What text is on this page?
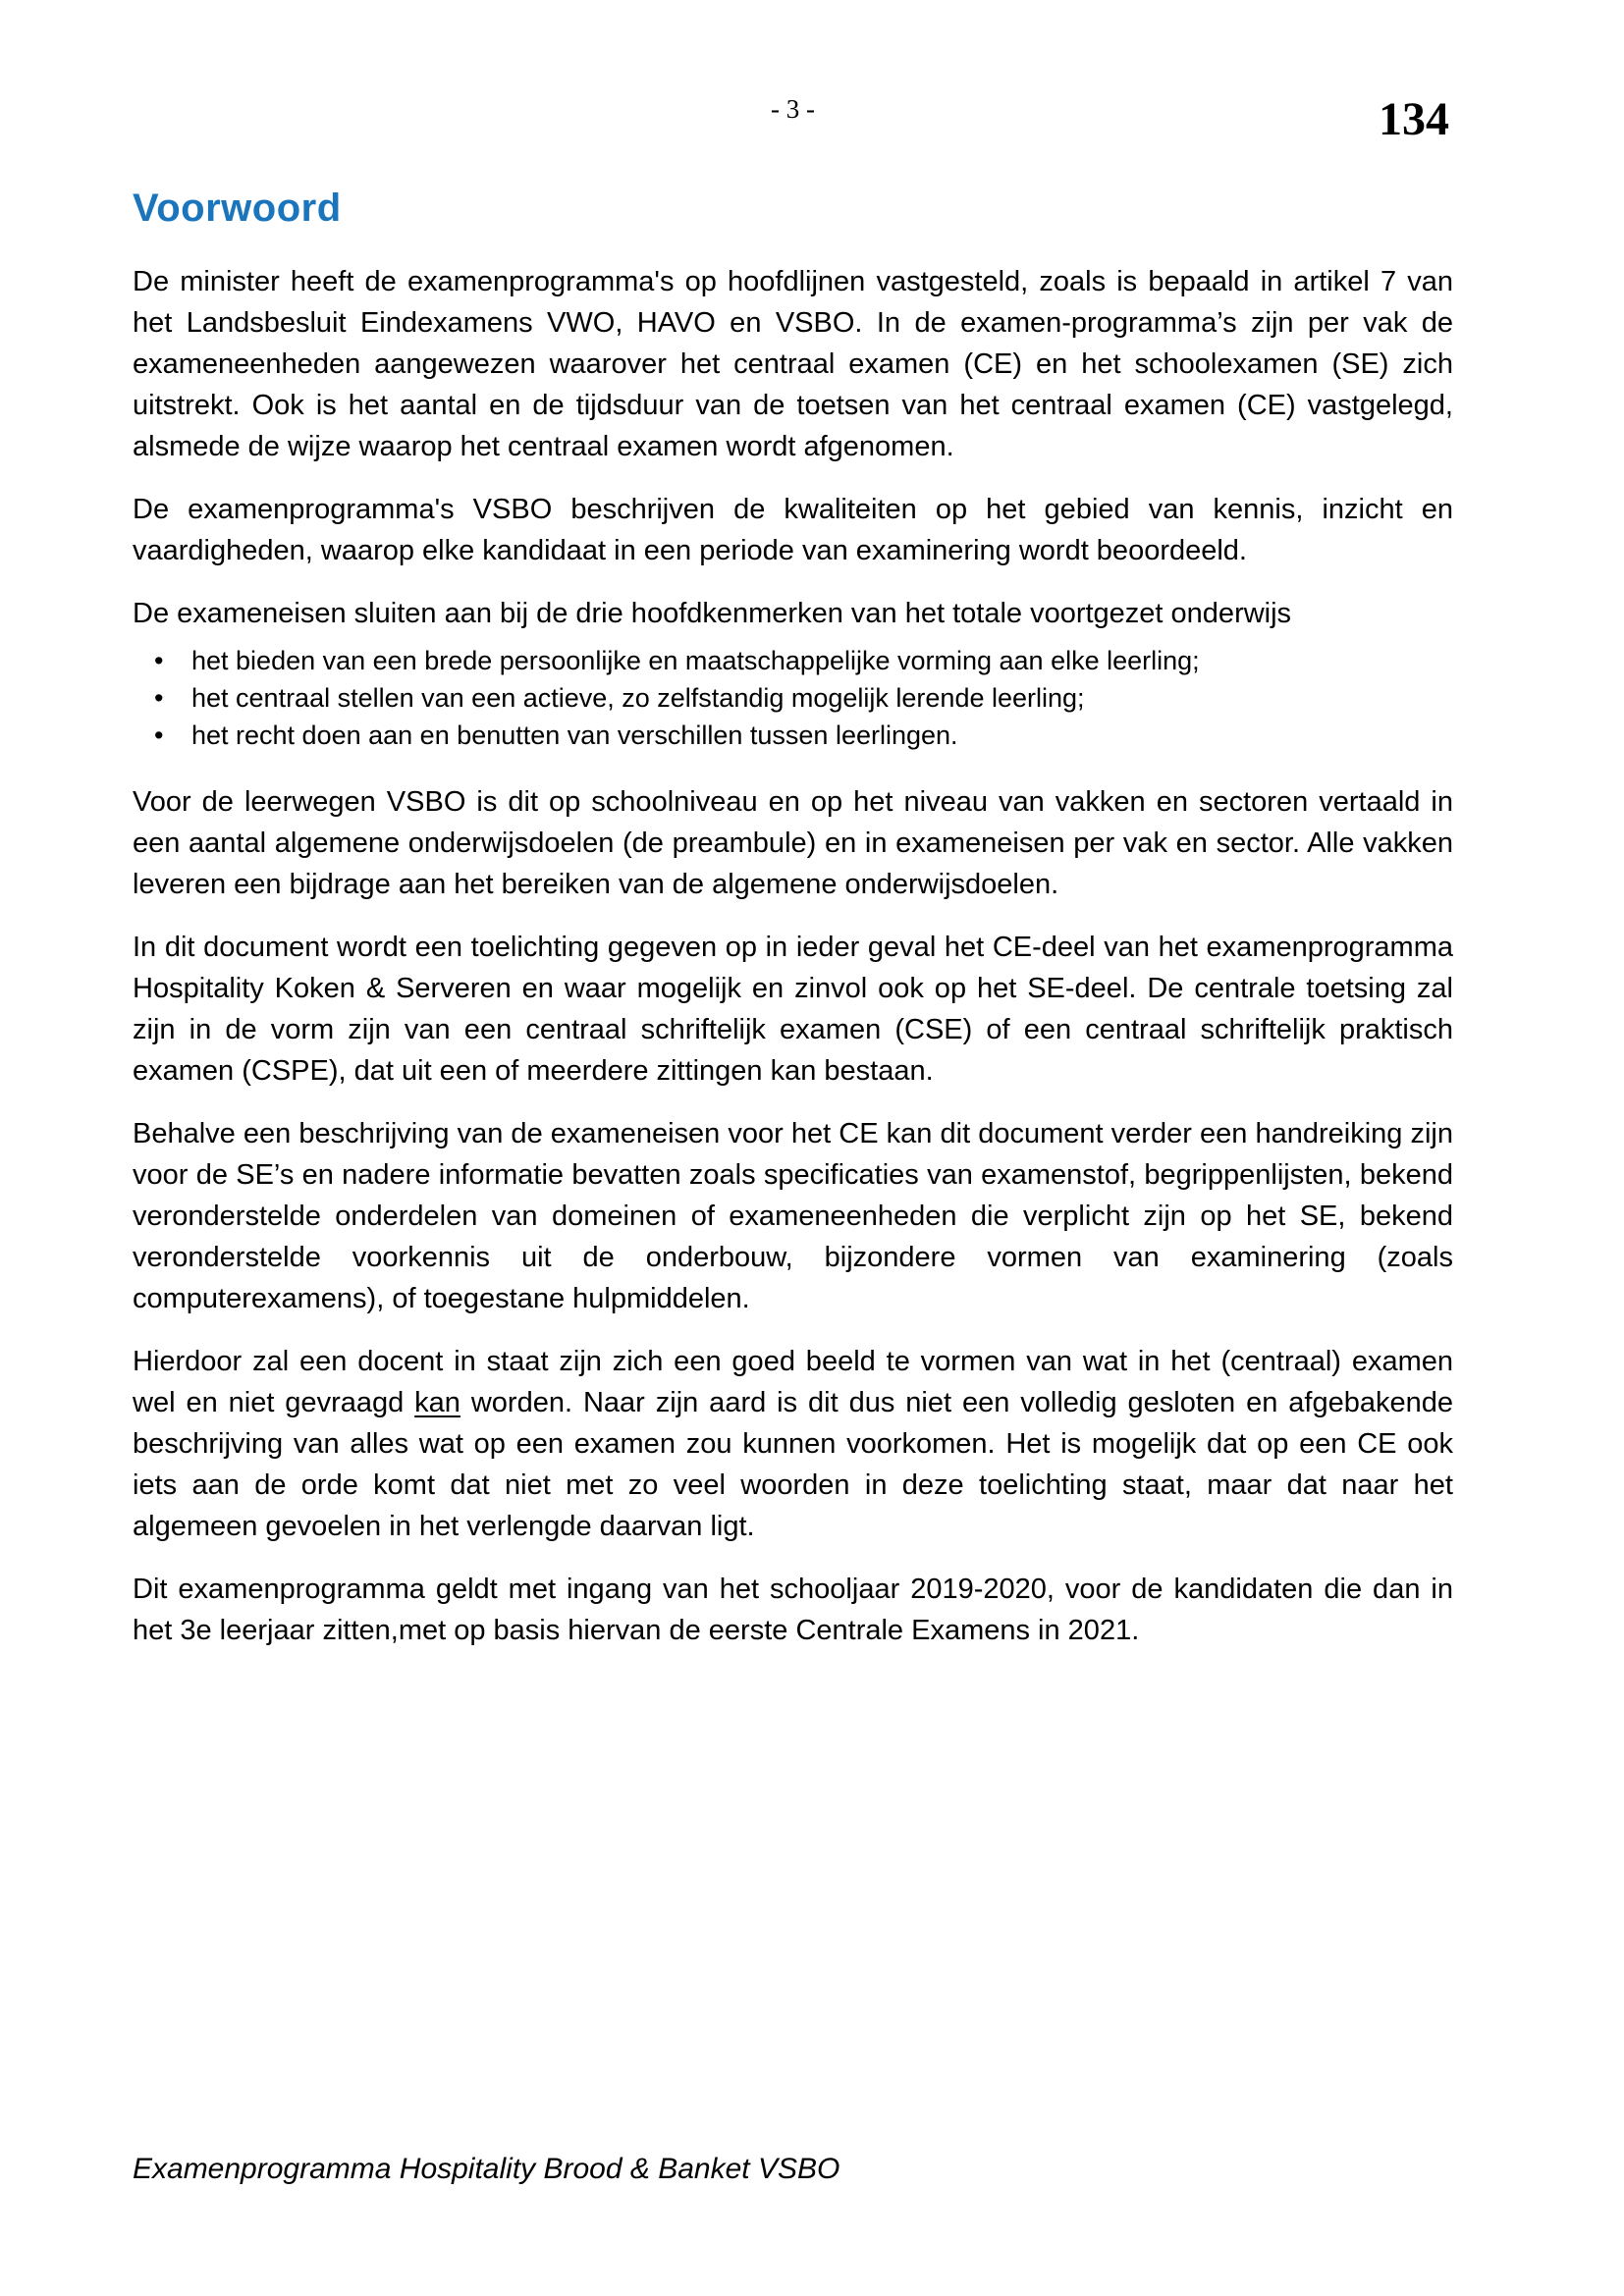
- 3 -	134
Voorwoord

De minister heeft de examenprogramma's op hoofdlijnen vastgesteld, zoals is bepaald in artikel 7 van het Landsbesluit Eindexamens VWO, HAVO en VSBO. In de examen-programma’s zijn per vak de exameneenheden aangewezen waarover het centraal examen (CE) en het schoolexamen (SE) zich uitstrekt. Ook is het aantal en de tijdsduur van de toetsen van het centraal examen (CE) vastgelegd, alsmede de wijze waarop het centraal examen wordt afgenomen.

De examenprogramma's VSBO beschrijven de kwaliteiten op het gebied van kennis, inzicht en vaardigheden, waarop elke kandidaat in een periode van examinering wordt beoordeeld.

De exameneisen sluiten aan bij de drie hoofdkenmerken van het totale voortgezet onderwijs

• het bieden van een brede persoonlijke en maatschappelijke vorming aan elke leerling;
• het centraal stellen van een actieve, zo zelfstandig mogelijk lerende leerling;
• het recht doen aan en benutten van verschillen tussen leerlingen.

Voor de leerwegen VSBO is dit op schoolniveau en op het niveau van vakken en sectoren vertaald in een aantal algemene onderwijsdoelen (de preambule) en in exameneisen per vak en sector. Alle vakken leveren een bijdrage aan het bereiken van de algemene onderwijsdoelen.

In dit document wordt een toelichting gegeven op in ieder geval het CE-deel van het examenprogramma Hospitality Koken & Serveren en waar mogelijk en zinvol ook op het SE-deel. De centrale toetsing zal zijn in de vorm zijn van een centraal schriftelijk examen (CSE) of een centraal schriftelijk praktisch examen (CSPE), dat uit een of meerdere zittingen kan bestaan.

Behalve een beschrijving van de exameneisen voor het CE kan dit document verder een handreiking zijn voor de SE’s en nadere informatie bevatten zoals specificaties van examenstof, begrippenlijsten, bekend veronderstelde onderdelen van domeinen of exameneenheden die verplicht zijn op het SE, bekend veronderstelde voorkennis uit de onderbouw, bijzondere vormen van examinering (zoals computerexamens), of toegestane hulpmiddelen.

Hierdoor zal een docent in staat zijn zich een goed beeld te vormen van wat in het (centraal) examen wel en niet gevraagd kan worden. Naar zijn aard is dit dus niet een volledig gesloten en afgebakende beschrijving van alles wat op een examen zou kunnen voorkomen. Het is mogelijk dat op een CE ook iets aan de orde komt dat niet met zo veel woorden in deze toelichting staat, maar dat naar het algemeen gevoelen in het verlengde daarvan ligt.

Dit examenprogramma geldt met ingang van het schooljaar 2019-2020, voor de kandidaten die dan in het 3e leerjaar zitten,met op basis hiervan de eerste Centrale Examens in 2021.

Examenprogramma Hospitality Brood & Banket VSBO
